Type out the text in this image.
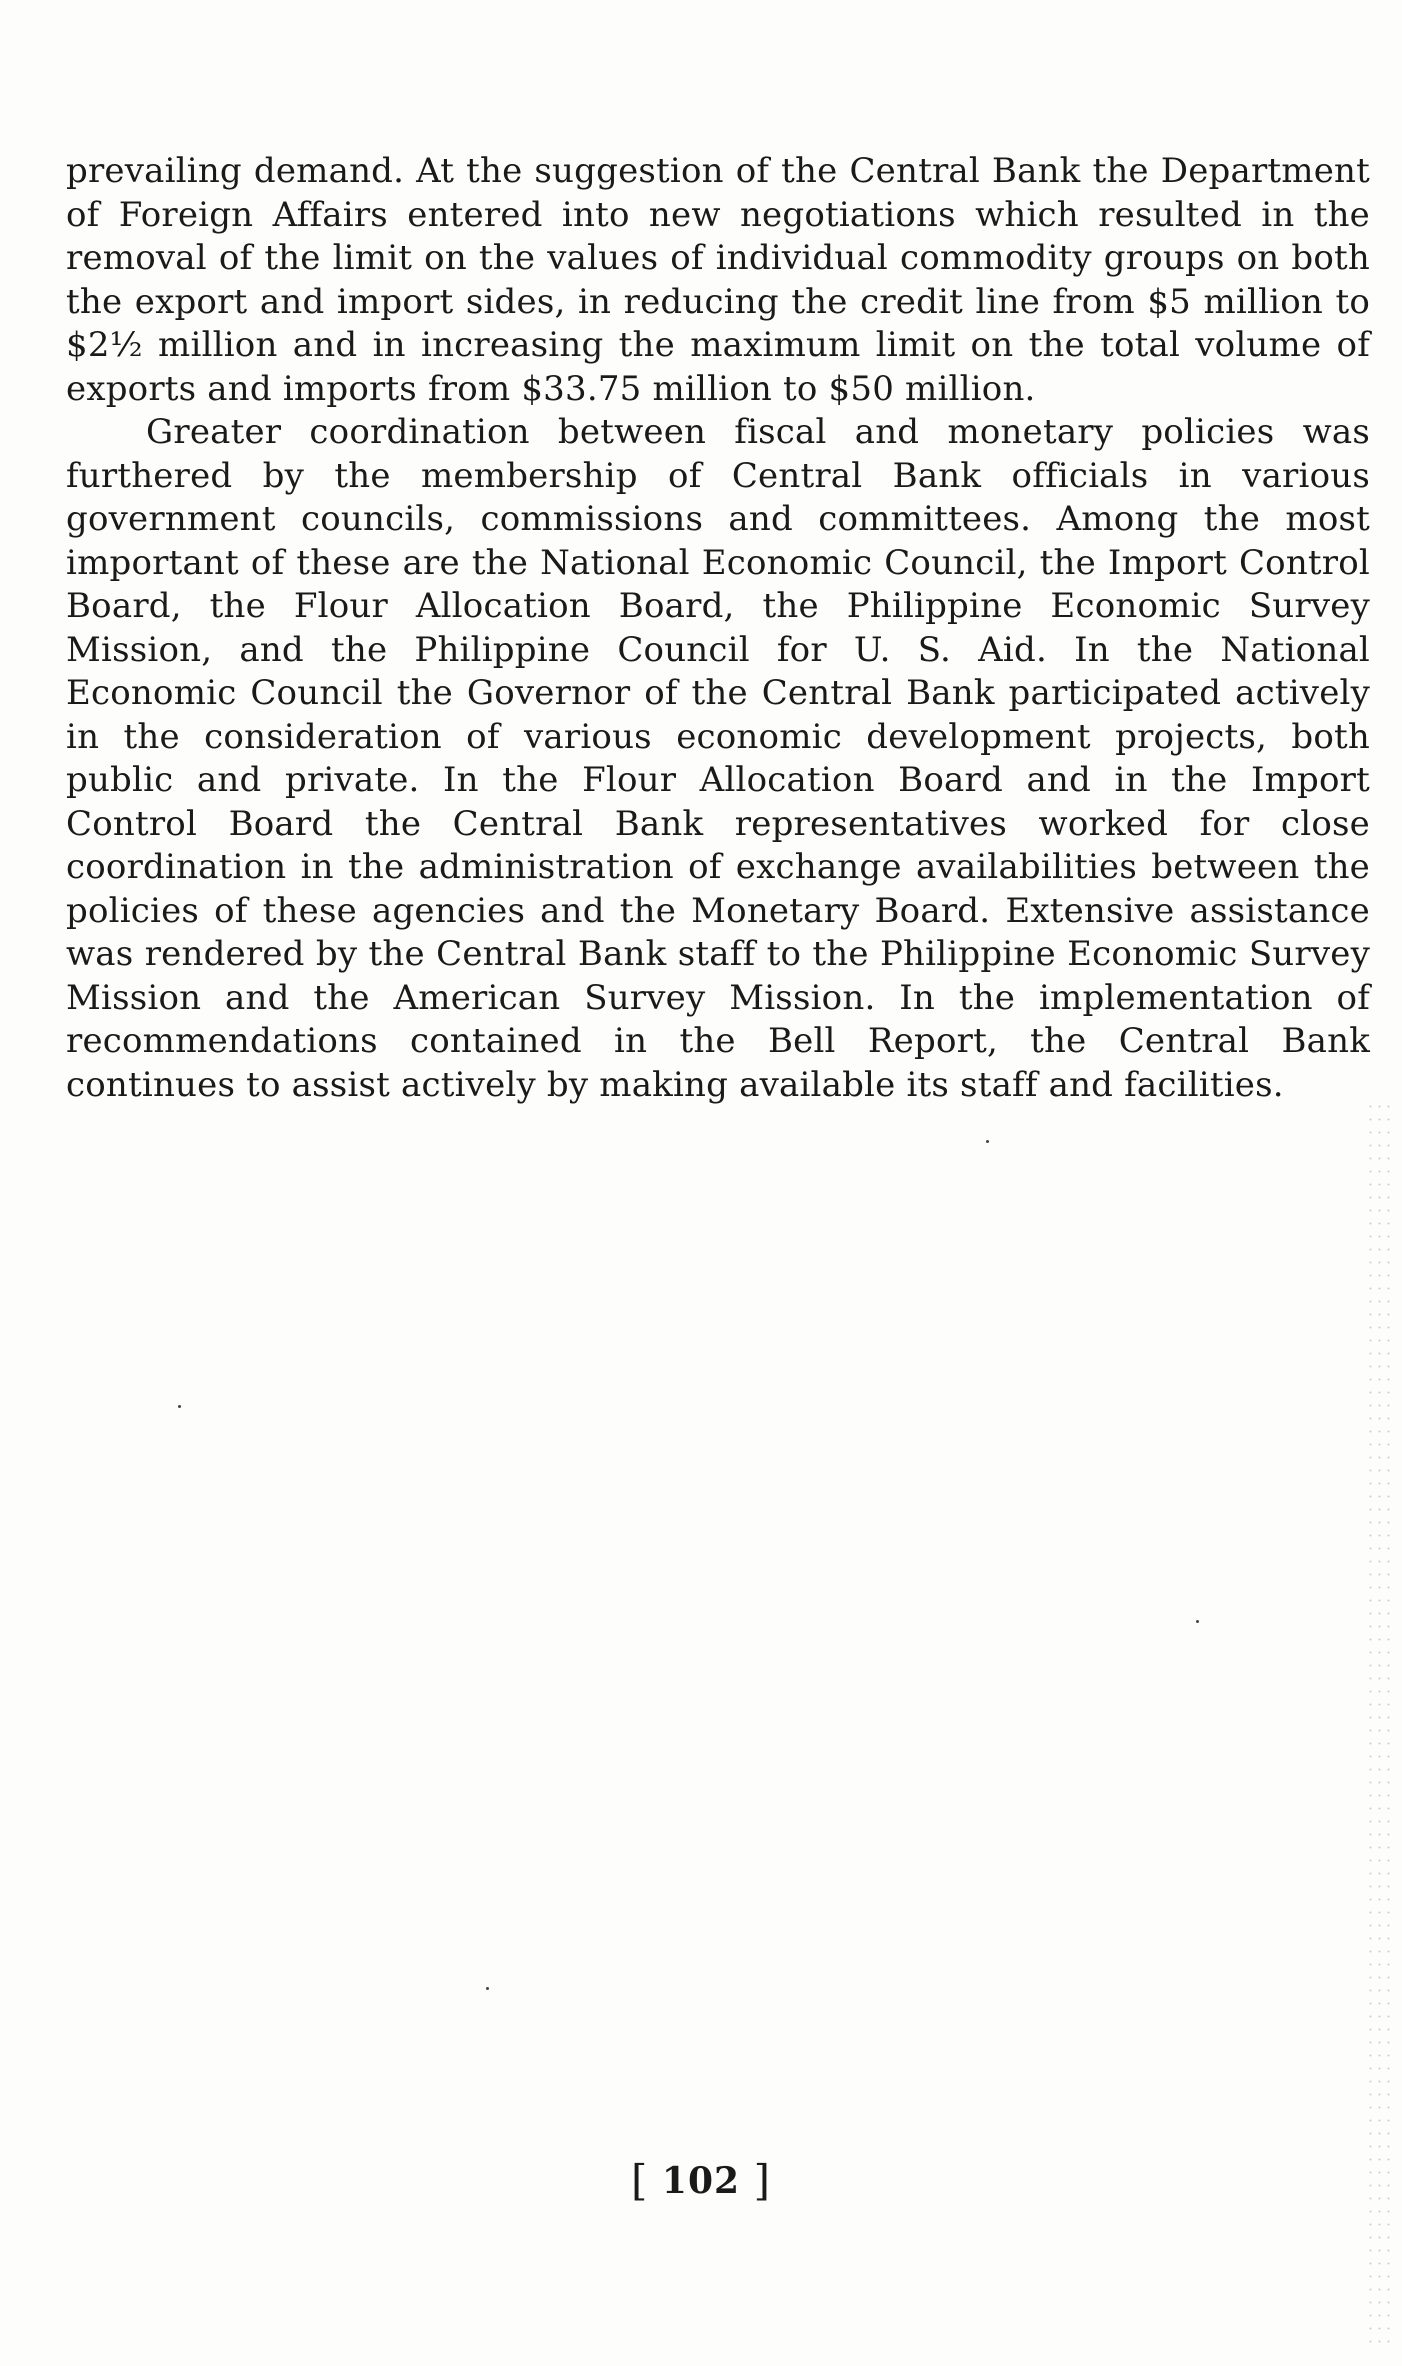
prevailing demand. At the suggestion of the Central Bank the Department of Foreign Affairs entered into new negotiations which resulted in the removal of the limit on the values of individual commodity groups on both the export and import sides, in reducing the credit line from $5 million to $2½ million and in increasing the maximum limit on the total volume of exports and imports from $33.75 million to $50 million.

Greater coordination between fiscal and monetary policies was furthered by the membership of Central Bank officials in various government councils, commissions and committees. Among the most important of these are the National Economic Council, the Import Control Board, the Flour Allocation Board, the Philippine Economic Survey Mission, and the Philippine Council for U. S. Aid. In the National Economic Council the Governor of the Central Bank participated actively in the consideration of various economic development projects, both public and private. In the Flour Allocation Board and in the Import Control Board the Central Bank representatives worked for close coordination in the administration of exchange availabilities between the policies of these agencies and the Monetary Board. Extensive assistance was rendered by the Central Bank staff to the Philippine Economic Survey Mission and the American Survey Mission. In the implementation of recommendations contained in the Bell Report, the Central Bank continues to assist actively by making available its staff and facilities.

[ 102 ]
